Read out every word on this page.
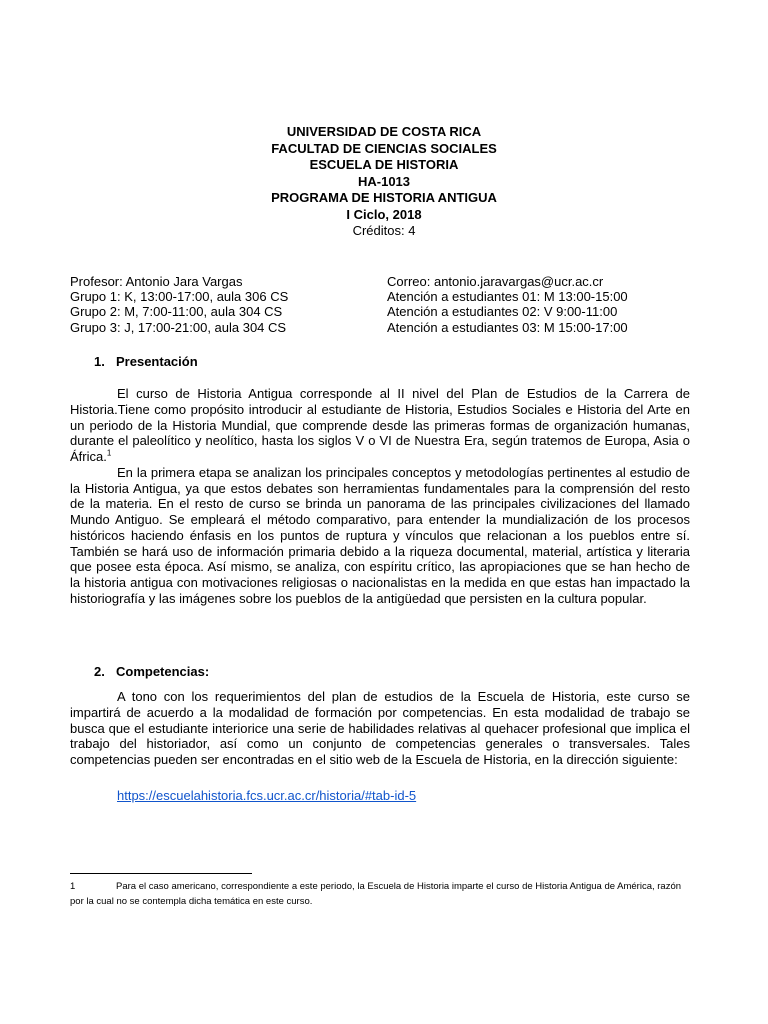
UNIVERSIDAD DE COSTA RICA
FACULTAD DE CIENCIAS SOCIALES
ESCUELA DE HISTORIA
HA-1013
PROGRAMA DE HISTORIA ANTIGUA
I Ciclo, 2018
Créditos: 4
Profesor: Antonio Jara Vargas	Correo: antonio.jaravargas@ucr.ac.cr
Grupo 1: K, 13:00-17:00, aula 306 CS	Atención a estudiantes 01: M 13:00-15:00
Grupo 2: M, 7:00-11:00, aula 304 CS	Atención a estudiantes 02: V 9:00-11:00
Grupo 3: J, 17:00-21:00, aula 304 CS	Atención a estudiantes 03: M 15:00-17:00
1. Presentación

El curso de Historia Antigua corresponde al II nivel del Plan de Estudios de la Carrera de Historia.Tiene como propósito introducir al estudiante de Historia, Estudios Sociales e Historia del Arte en un periodo de la Historia Mundial, que comprende desde las primeras formas de organización humanas, durante el paleolítico y neolítico, hasta los siglos V o VI de Nuestra Era, según tratemos de Europa, Asia o África.$^1$

En la primera etapa se analizan los principales conceptos y metodologías pertinentes al estudio de la Historia Antigua, ya que estos debates son herramientas fundamentales para la comprensión del resto de la materia. En el resto de curso se brinda un panorama de las principales civilizaciones del llamado Mundo Antiguo. Se empleará el método comparativo, para entender la mundialización de los procesos históricos haciendo énfasis en los puntos de ruptura y vínculos que relacionan a los pueblos entre sí. También se hará uso de información primaria debido a la riqueza documental, material, artística y literaria que posee esta época. Así mismo, se analiza, con espíritu crítico, las apropiaciones que se han hecho de la historia antigua con motivaciones religiosas o nacionalistas en la medida en que estas han impactado la historiografía y las imágenes sobre los pueblos de la antigüedad que persisten en la cultura popular.

2. Competencias:

A tono con los requerimientos del plan de estudios de la Escuela de Historia, este curso se impartirá de acuerdo a la modalidad de formación por competencias. En esta modalidad de trabajo se busca que el estudiante interiorice una serie de habilidades relativas al quehacer profesional que implica el trabajo del historiador, así como un conjunto de competencias generales o transversales. Tales competencias pueden ser encontradas en el sitio web de la Escuela de Historia, en la dirección siguiente:

https://escuelahistoria.fcs.ucr.ac.cr/historia/#tab-id-5
1	Para el caso americano, correspondiente a este periodo, la Escuela de Historia imparte el curso de Historia Antigua de América, razón por la cual no se contempla dicha temática en este curso.
